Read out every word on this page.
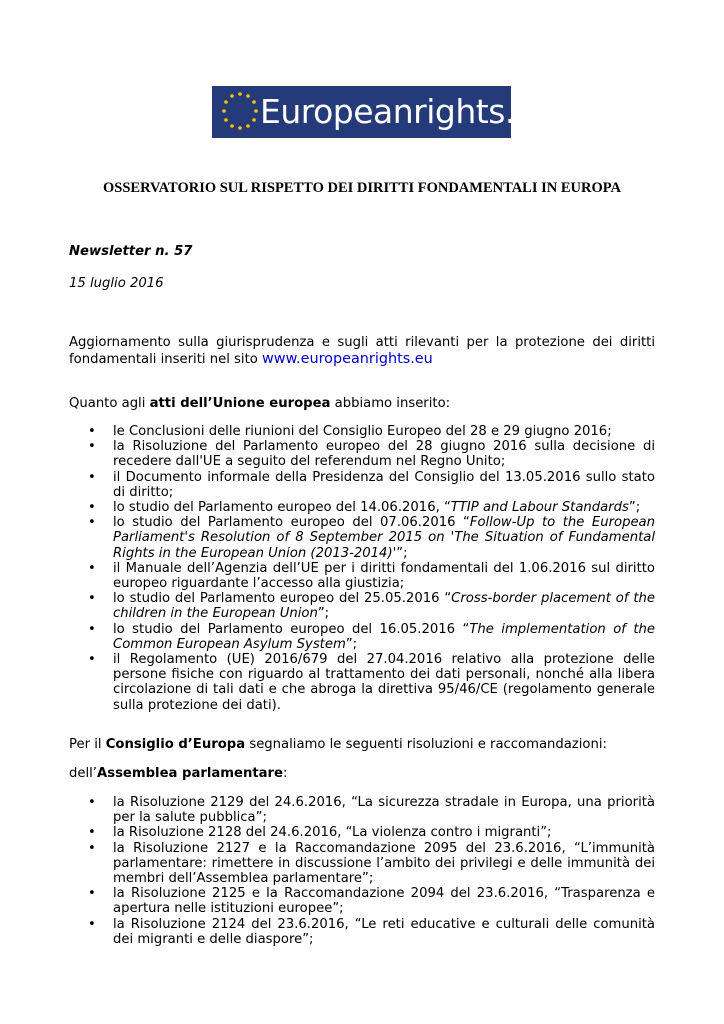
Europeanrights.eu
OSSERVATORIO SUL RISPETTO DEI DIRITTI FONDAMENTALI IN EUROPA
Newsletter n. 57
15 luglio 2016
Aggiornamento sulla giurisprudenza e sugli atti rilevanti per la protezione dei diritti fondamentali inseriti nel sito www.europeanrights.eu
Quanto agli atti dell’Unione europea abbiamo inserito:
• le Conclusioni delle riunioni del Consiglio Europeo del 28 e 29 giugno 2016;
• la Risoluzione del Parlamento europeo del 28 giugno 2016 sulla decisione di recedere dall'UE a seguito del referendum nel Regno Unito;
• il Documento informale della Presidenza del Consiglio del 13.05.2016 sullo stato di diritto;
• lo studio del Parlamento europeo del 14.06.2016, “TTIP and Labour Standards”;
• lo studio del Parlamento europeo del 07.06.2016 “Follow-Up to the European Parliament's Resolution of 8 September 2015 on 'The Situation of Fundamental Rights in the European Union (2013-2014)'”;
• il Manuale dell’Agenzia dell’UE per i diritti fondamentali del 1.06.2016 sul diritto europeo riguardante l’accesso alla giustizia;
• lo studio del Parlamento europeo del 25.05.2016 “Cross-border placement of the children in the European Union”;
• lo studio del Parlamento europeo del 16.05.2016 “The implementation of the Common European Asylum System”;
• il Regolamento (UE) 2016/679 del 27.04.2016 relativo alla protezione delle persone fisiche con riguardo al trattamento dei dati personali, nonché alla libera circolazione di tali dati e che abroga la direttiva 95/46/CE (regolamento generale sulla protezione dei dati).
Per il Consiglio d’Europa segnaliamo le seguenti risoluzioni e raccomandazioni:
dell’Assemblea parlamentare:
• la Risoluzione 2129 del 24.6.2016, “La sicurezza stradale in Europa, una priorità per la salute pubblica”;
• la Risoluzione 2128 del 24.6.2016, “La violenza contro i migranti”;
• la Risoluzione 2127 e la Raccomandazione 2095 del 23.6.2016, “L’immunità parlamentare: rimettere in discussione l’ambito dei privilegi e delle immunità dei membri dell’Assemblea parlamentare”;
• la Risoluzione 2125 e la Raccomandazione 2094 del 23.6.2016, “Trasparenza e apertura nelle istituzioni europee”;
• la Risoluzione 2124 del 23.6.2016, “Le reti educative e culturali delle comunità dei migranti e delle diaspore”;
